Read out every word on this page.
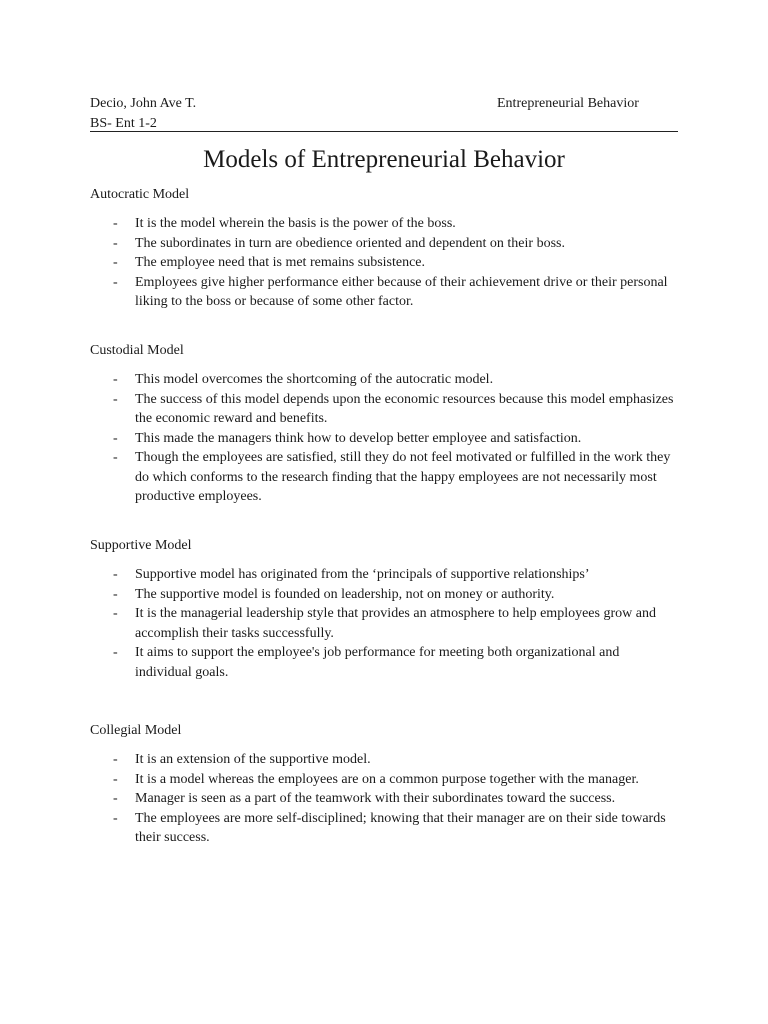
Decio, John Ave T.
BS- Ent 1-2
Entrepreneurial Behavior
Models of Entrepreneurial Behavior
Autocratic Model
- It is the model wherein the basis is the power of the boss.
- The subordinates in turn are obedience oriented and dependent on their boss.
- The employee need that is met remains subsistence.
- Employees give higher performance either because of their achievement drive or their personal liking to the boss or because of some other factor.
Custodial Model
- This model overcomes the shortcoming of the autocratic model.
- The success of this model depends upon the economic resources because this model emphasizes the economic reward and benefits.
- This made the managers think how to develop better employee and satisfaction.
- Though the employees are satisfied, still they do not feel motivated or fulfilled in the work they do which conforms to the research finding that the happy employees are not necessarily most productive employees.
Supportive Model
- Supportive model has originated from the ‘principals of supportive relationships’
- The supportive model is founded on leadership, not on money or authority.
- It is the managerial leadership style that provides an atmosphere to help employees grow and accomplish their tasks successfully.
- It aims to support the employee's job performance for meeting both organizational and individual goals.
Collegial Model
- It is an extension of the supportive model.
- It is a model whereas the employees are on a common purpose together with the manager.
- Manager is seen as a part of the teamwork with their subordinates toward the success.
- The employees are more self-disciplined; knowing that their manager are on their side towards their success.
